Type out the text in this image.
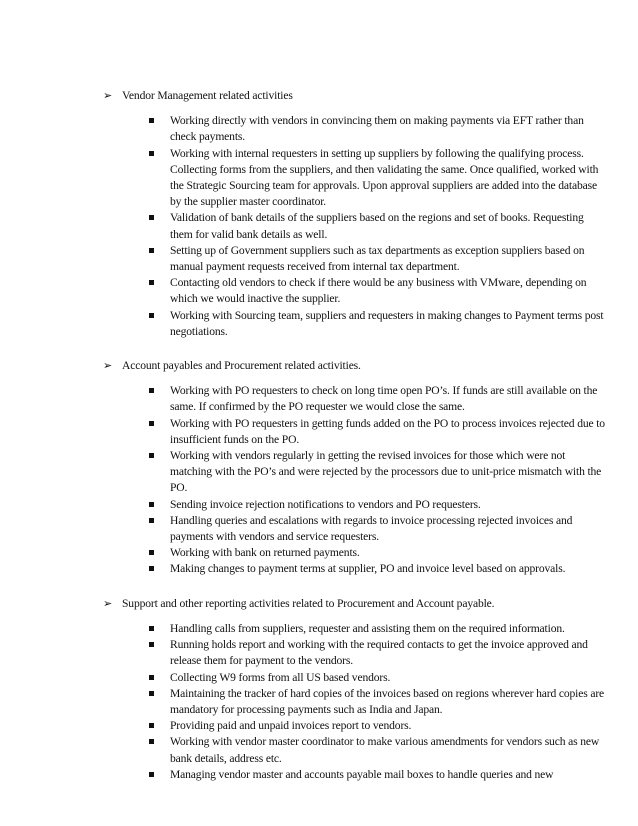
➢ Vendor Management related activities
Working directly with vendors in convincing them on making payments via EFT rather than check payments.
Working with internal requesters in setting up suppliers by following the qualifying process. Collecting forms from the suppliers, and then validating the same. Once qualified, worked with the Strategic Sourcing team for approvals. Upon approval suppliers are added into the database by the supplier master coordinator.
Validation of bank details of the suppliers based on the regions and set of books. Requesting them for valid bank details as well.
Setting up of Government suppliers such as tax departments as exception suppliers based on manual payment requests received from internal tax department.
Contacting old vendors to check if there would be any business with VMware, depending on which we would inactive the supplier.
Working with Sourcing team, suppliers and requesters in making changes to Payment terms post negotiations.
➢ Account payables and Procurement related activities.
Working with PO requesters to check on long time open PO’s. If funds are still available on the same. If confirmed by the PO requester we would close the same.
Working with PO requesters in getting funds added on the PO to process invoices rejected due to insufficient funds on the PO.
Working with vendors regularly in getting the revised invoices for those which were not matching with the PO’s and were rejected by the processors due to unit-price mismatch with the PO.
Sending invoice rejection notifications to vendors and PO requesters.
Handling queries and escalations with regards to invoice processing rejected invoices and payments with vendors and service requesters.
Working with bank on returned payments.
Making changes to payment terms at supplier, PO and invoice level based on approvals.
➢ Support and other reporting activities related to Procurement and Account payable.
Handling calls from suppliers, requester and assisting them on the required information.
Running holds report and working with the required contacts to get the invoice approved and release them for payment to the vendors.
Collecting W9 forms from all US based vendors.
Maintaining the tracker of hard copies of the invoices based on regions wherever hard copies are mandatory for processing payments such as India and Japan.
Providing paid and unpaid invoices report to vendors.
Working with vendor master coordinator to make various amendments for vendors such as new bank details, address etc.
Managing vendor master and accounts payable mail boxes to handle queries and new
